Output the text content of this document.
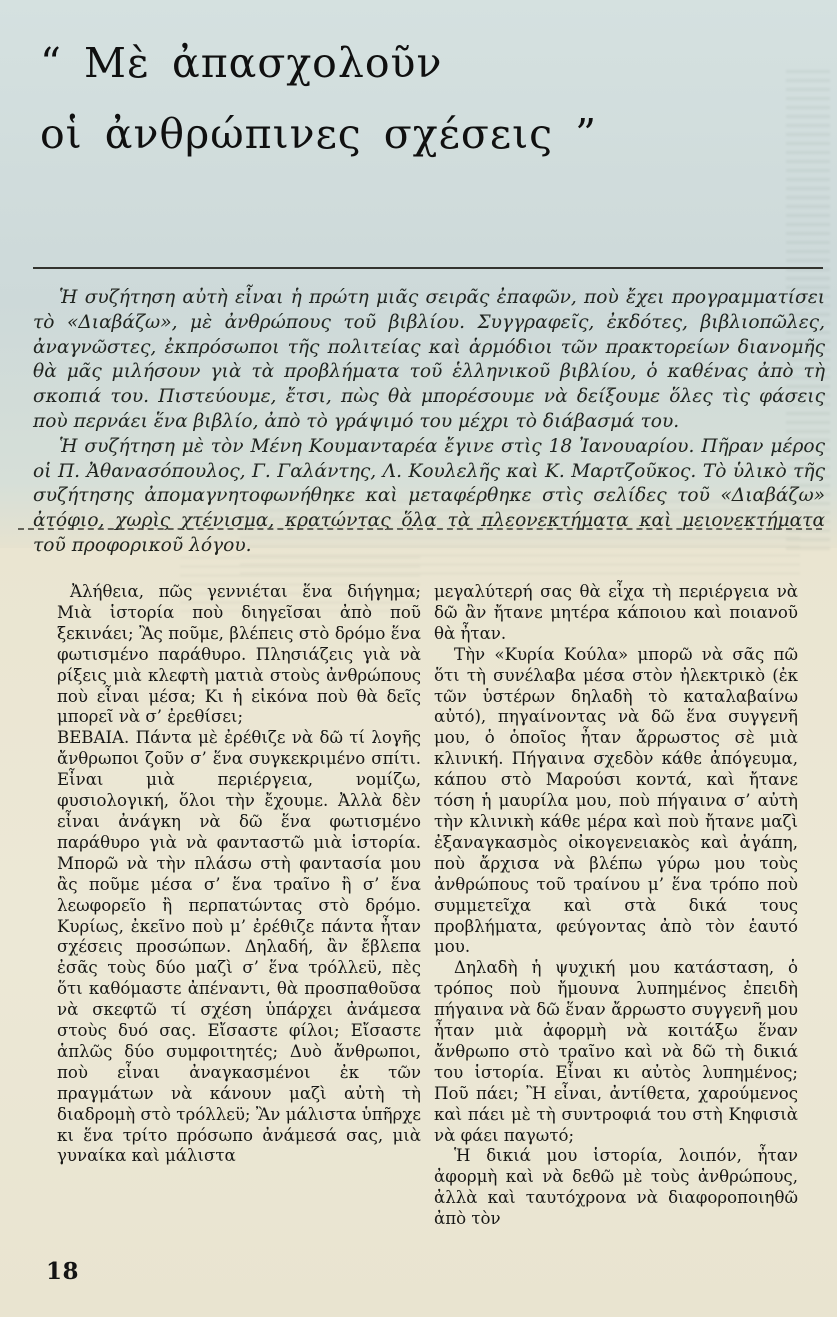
“ Μὲ ἀπασχολοῦν
οἱ ἀνθρώπινες σχέσεις ”

Ἡ συζήτηση αὐτὴ εἶναι ἡ πρώτη μιᾶς σειρᾶς ἐπαφῶν, ποὺ ἔχει προγραμματίσει τὸ «Διαβάζω», μὲ ἀνθρώπους τοῦ βιβλίου. Συγγραφεῖς, ἐκδότες, βιβλιοπῶλες, ἀναγνῶστες, ἐκπρόσωποι τῆς πολιτείας καὶ ἁρμόδιοι τῶν πρακτορείων διανομῆς θὰ μᾶς μιλήσουν γιὰ τὰ προβλήματα τοῦ ἑλληνικοῦ βιβλίου, ὁ καθένας ἀπὸ τὴ σκοπιά του. Πιστεύουμε, ἔτσι, πὼς θὰ μπορέσουμε νὰ δείξουμε ὅλες τὶς φάσεις ποὺ περνάει ἕνα βιβλίο, ἀπὸ τὸ γράψιμό του μέχρι τὸ διάβασμά του.

Ἡ συζήτηση μὲ τὸν Μένη Κουμανταρέα ἔγινε στὶς 18 Ἰανουαρίου. Πῆραν μέρος οἱ Π. Ἀθανασόπουλος, Γ. Γαλάντης, Λ. Κουλελῆς καὶ Κ. Μαρτζοῦκος. Τὸ ὑλικὸ τῆς συζήτησης ἀπομαγνητοφωνήθηκε καὶ μεταφέρθηκε στὶς σελίδες τοῦ «Διαβάζω» ἀτόφιο, χωρὶς χτένισμα, κρατώντας ὅλα τὰ πλεονεκτήματα καὶ μειονεκτήματα τοῦ προφορικοῦ λόγου.

Ἀλήθεια, πῶς γεννιέται ἕνα διήγημα; Μιὰ ἱστορία ποὺ διηγεῖσαι ἀπὸ ποῦ ξεκινάει; Ἂς ποῦμε, βλέπεις στὸ δρόμο ἕνα φωτισμένο παράθυρο. Πλησιάζεις γιὰ νὰ ρίξεις μιὰ κλεφτὴ ματιὰ στοὺς ἀνθρώπους ποὺ εἶναι μέσα; Κι ἡ εἰκόνα ποὺ θὰ δεῖς μπορεῖ νὰ σ’ ἐρεθίσει;

ΒΕΒΑΙΑ. Πάντα μὲ ἐρέθιζε νὰ δῶ τί λογῆς ἄνθρωποι ζοῦν σ’ ἕνα συγκεκριμένο σπίτι. Εἶναι μιὰ περιέργεια, νομίζω, φυσιολογική, ὅλοι τὴν ἔχουμε. Ἀλλὰ δὲν εἶναι ἀνάγκη νὰ δῶ ἕνα φωτισμένο παράθυρο γιὰ νὰ φανταστῶ μιὰ ἱστορία. Μπορῶ νὰ τὴν πλάσω στὴ φαντασία μου ἂς ποῦμε μέσα σ’ ἕνα τραῖνο ἢ σ’ ἕνα λεωφορεῖο ἢ περπατώντας στὸ δρόμο. Κυρίως, ἐκεῖνο ποὺ μ’ ἐρέθιζε πάντα ἦταν σχέσεις προσώπων. Δηλαδή, ἂν ἔβλεπα ἐσᾶς τοὺς δύο μαζὶ σ’ ἕνα τρόλλεϋ, πὲς ὅτι καθόμαστε ἀπέναντι, θὰ προσπαθοῦσα νὰ σκεφτῶ τί σχέση ὑπάρχει ἀνάμεσα στοὺς δυό σας. Εἴσαστε φίλοι; Εἴσαστε ἁπλῶς δύο συμφοιτητές; Δυὸ ἄνθρωποι, ποὺ εἶναι ἀναγκασμένοι ἐκ τῶν πραγμάτων νὰ κάνουν μαζὶ αὐτὴ τὴ διαδρομὴ στὸ τρόλλεϋ; Ἂν μάλιστα ὑπῆρχε κι ἕνα τρίτο πρόσωπο ἀνάμεσά σας, μιὰ γυναίκα καὶ μάλιστα

μεγαλύτερή σας θὰ εἶχα τὴ περιέργεια νὰ δῶ ἂν ἤτανε μητέρα κάποιου καὶ ποιανοῦ θὰ ἦταν.

Τὴν «Κυρία Κούλα» μπορῶ νὰ σᾶς πῶ ὅτι τὴ συνέλαβα μέσα στὸν ἠλεκτρικὸ (ἐκ τῶν ὑστέρων δηλαδὴ τὸ καταλαβαίνω αὐτό), πηγαίνοντας νὰ δῶ ἕνα συγγενῆ μου, ὁ ὁποῖος ἦταν ἄρρωστος σὲ μιὰ κλινική. Πήγαινα σχεδὸν κάθε ἀπόγευμα, κάπου στὸ Μαρούσι κοντά, καὶ ἤτανε τόση ἡ μαυρίλα μου, ποὺ πήγαινα σ’ αὐτὴ τὴν κλινικὴ κάθε μέρα καὶ ποὺ ἤτανε μαζὶ ἐξαναγκασμὸς οἰκογενειακὸς καὶ ἀγάπη, ποὺ ἄρχισα νὰ βλέπω γύρω μου τοὺς ἀνθρώπους τοῦ τραίνου μ’ ἕνα τρόπο ποὺ συμμετεῖχα καὶ στὰ δικά τους προβλήματα, φεύγοντας ἀπὸ τὸν ἑαυτό μου.

Δηλαδὴ ἡ ψυχική μου κατάσταση, ὁ τρόπος ποὺ ἤμουνα λυπημένος ἐπειδὴ πήγαινα νὰ δῶ ἕναν ἄρρωστο συγγενῆ μου ἦταν μιὰ ἀφορμὴ νὰ κοιτάξω ἕναν ἄνθρωπο στὸ τραῖνο καὶ νὰ δῶ τὴ δικιά του ἱστορία. Εἶναι κι αὐτὸς λυπημένος; Ποῦ πάει; Ἢ εἶναι, ἀντίθετα, χαρούμενος καὶ πάει μὲ τὴ συντροφιά του στὴ Κηφισιὰ νὰ φάει παγωτό;

Ἡ δικιά μου ἱστορία, λοιπόν, ἦταν ἀφορμὴ καὶ νὰ δεθῶ μὲ τοὺς ἀνθρώπους, ἀλλὰ καὶ ταυτόχρονα νὰ διαφοροποιηθῶ ἀπὸ τὸν

18
